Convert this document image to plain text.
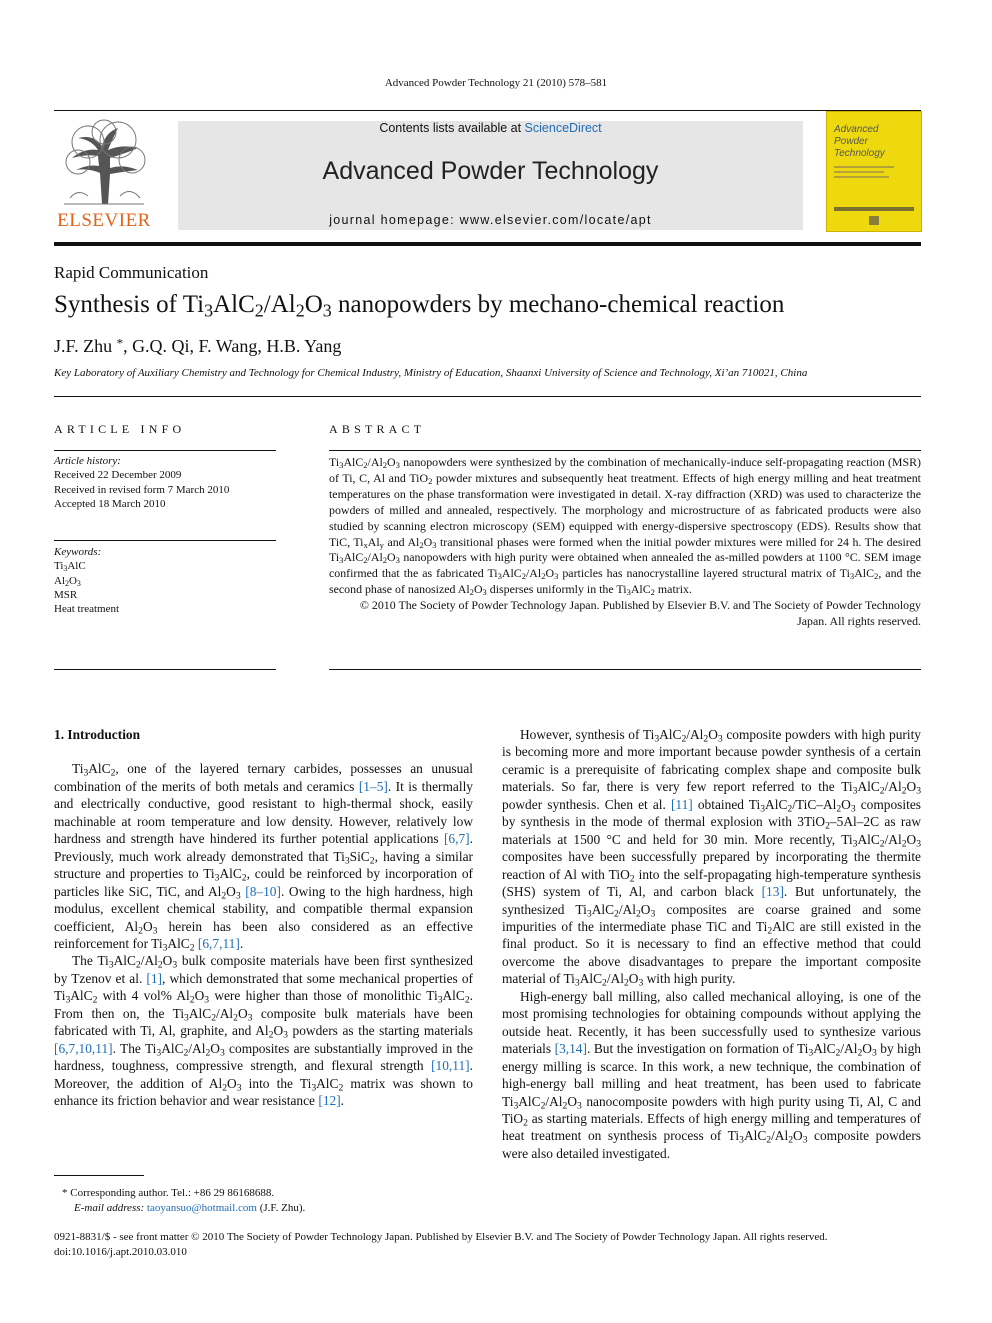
Advanced Powder Technology 21 (2010) 578–581
ELSEVIER
Contents lists available at ScienceDirect
Advanced Powder Technology
journal homepage: www.elsevier.com/locate/apt
Advanced
Powder
Technology
Rapid Communication
Synthesis of $Ti_3AlC_2/Al_2O_3$ nanopowders by mechano-chemical reaction
J.F. Zhu *, G.Q. Qi, F. Wang, H.B. Yang
Key Laboratory of Auxiliary Chemistry and Technology for Chemical Industry, Ministry of Education, Shaanxi University of Science and Technology, Xi’an 710021, China
ARTICLE INFO
Article history:
Received 22 December 2009
Received in revised form 7 March 2010
Accepted 18 March 2010
Keywords:
$Ti_3AlC$
$Al_2O_3$
MSR
Heat treatment
ABSTRACT

$Ti_3AlC_2/Al_2O_3$ nanopowders were synthesized by the combination of mechanically-induce self-propagating reaction (MSR) of Ti, C, Al and TiO$_2$ powder mixtures and subsequently heat treatment. Effects of high energy milling and heat treatment temperatures on the phase transformation were investigated in detail. X-ray diffraction (XRD) was used to characterize the powders of milled and annealed, respectively. The morphology and microstructure of as fabricated products were also studied by scanning electron microscopy (SEM) equipped with energy-dispersive spectroscopy (EDS). Results show that TiC, $Ti_xAl_y$ and $Al_2O_3$ transitional phases were formed when the initial powder mixtures were milled for 24 h. The desired $Ti_3AlC_2/Al_2O_3$ nanopowders with high purity were obtained when annealed the as-milled powders at 1100 °C. SEM image confirmed that the as fabricated $Ti_3AlC_2/Al_2O_3$ particles has nanocrystalline layered structural matrix of $Ti_3AlC_2$, and the second phase of nanosized $Al_2O_3$ disperses uniformly in the $Ti_3AlC_2$ matrix.

© 2010 The Society of Powder Technology Japan. Published by Elsevier B.V. and The Society of Powder Technology Japan. All rights reserved.

1. Introduction

$Ti_3AlC_2$, one of the layered ternary carbides, possesses an unusual combination of the merits of both metals and ceramics [1–5]. It is thermally and electrically conductive, good resistant to high-thermal shock, easily machinable at room temperature and low density. However, relatively low hardness and strength have hindered its further potential applications [6,7]. Previously, much work already demonstrated that $Ti_3SiC_2$, having a similar structure and properties to $Ti_3AlC_2$, could be reinforced by incorporation of particles like SiC, TiC, and $Al_2O_3$ [8–10]. Owing to the high hardness, high modulus, excellent chemical stability, and compatible thermal expansion coefficient, $Al_2O_3$ herein has been also considered as an effective reinforcement for $Ti_3AlC_2$ [6,7,11].

The $Ti_3AlC_2/Al_2O_3$ bulk composite materials have been first synthesized by Tzenov et al. [1], which demonstrated that some mechanical properties of $Ti_3AlC_2$ with 4 vol% $Al_2O_3$ were higher than those of monolithic $Ti_3AlC_2$. From then on, the $Ti_3AlC_2/Al_2O_3$ composite bulk materials have been fabricated with Ti, Al, graphite, and $Al_2O_3$ powders as the starting materials [6,7,10,11]. The $Ti_3AlC_2/Al_2O_3$ composites are substantially improved in the hardness, toughness, compressive strength, and flexural strength [10,11]. Moreover, the addition of $Al_2O_3$ into the $Ti_3AlC_2$ matrix was shown to enhance its friction behavior and wear resistance [12].

However, synthesis of $Ti_3AlC_2/Al_2O_3$ composite powders with high purity is becoming more and more important because powder synthesis of a certain ceramic is a prerequisite of fabricating complex shape and composite bulk materials. So far, there is very few report referred to the $Ti_3AlC_2/Al_2O_3$ powder synthesis. Chen et al. [11] obtained $Ti_3AlC_2/TiC-Al_2O_3$ composites by synthesis in the mode of thermal explosion with 3TiO$_2$–5Al–2C as raw materials at 1500 °C and held for 30 min. More recently, $Ti_3AlC_2/Al_2O_3$ composites have been successfully prepared by incorporating the thermite reaction of Al with TiO$_2$ into the self-propagating high-temperature synthesis (SHS) system of Ti, Al, and carbon black [13]. But unfortunately, the synthesized $Ti_3AlC_2/Al_2O_3$ composites are coarse grained and some impurities of the intermediate phase TiC and $Ti_2AlC$ are still existed in the final product. So it is necessary to find an effective method that could overcome the above disadvantages to prepare the important composite material of $Ti_3AlC_2/Al_2O_3$ with high purity.

High-energy ball milling, also called mechanical alloying, is one of the most promising technologies for obtaining compounds without applying the outside heat. Recently, it has been successfully used to synthesize various materials [3,14]. But the investigation on formation of $Ti_3AlC_2/Al_2O_3$ by high energy milling is scarce. In this work, a new technique, the combination of high-energy ball milling and heat treatment, has been used to fabricate $Ti_3AlC_2/Al_2O_3$ nanocomposite powders with high purity using Ti, Al, C and TiO$_2$ as starting materials. Effects of high energy milling and temperatures of heat treatment on synthesis process of $Ti_3AlC_2/Al_2O_3$ composite powders were also detailed investigated.

* Corresponding author. Tel.: +86 29 86168688.
E-mail address: taoyansuo@hotmail.com (J.F. Zhu).
0921-8831/$ - see front matter © 2010 The Society of Powder Technology Japan. Published by Elsevier B.V. and The Society of Powder Technology Japan. All rights reserved.
doi:10.1016/j.apt.2010.03.010
